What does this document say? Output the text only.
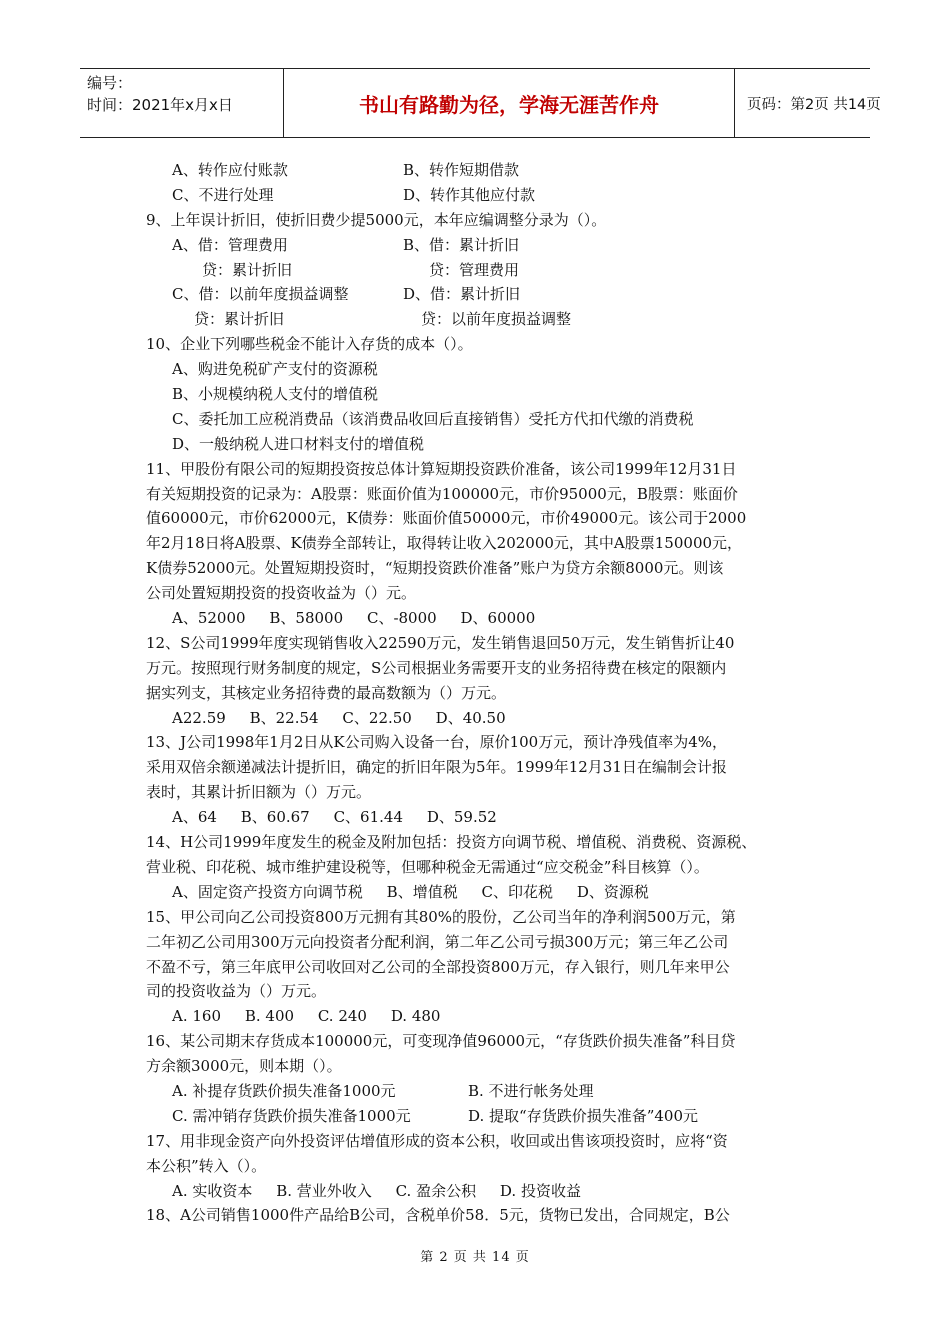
编号：
时间：2021年x月x日	书山有路勤为径，学海无涯苦作舟	页码：第2页 共14页
A、转作应付账款	B、转作短期借款
C、不进行处理	D、转作其他应付款
9、上年误计折旧，使折旧费少提5000元，本年应编调整分录为（）。
A、借：管理费用	B、借：累计折旧
贷：累计折旧	贷：管理费用
C、借：以前年度损益调整	D、借：累计折旧
贷：累计折旧	贷：以前年度损益调整
10、企业下列哪些税金不能计入存货的成本（）。
A、购进免税矿产支付的资源税
B、小规模纳税人支付的增值税
C、委托加工应税消费品（该消费品收回后直接销售）受托方代扣代缴的消费税
D、一般纳税人进口材料支付的增值税
11、甲股份有限公司的短期投资按总体计算短期投资跌价准备，该公司1999年12月31日
有关短期投资的记录为：A股票：账面价值为100000元，市价95000元，B股票：账面价
值60000元，市价62000元，K债券：账面价值50000元，市价49000元。该公司于2000
年2月18日将A股票、K债券全部转让，取得转让收入202000元，其中A股票150000元，
K债券52000元。处置短期投资时，“短期投资跌价准备”账户为贷方余额8000元。则该
公司处置短期投资的投资收益为（）元。
A、52000     B、58000     C、-8000     D、60000
12、S公司1999年度实现销售收入22590万元，发生销售退回50万元，发生销售折让40
万元。按照现行财务制度的规定，S公司根据业务需要开支的业务招待费在核定的限额内
据实列支，其核定业务招待费的最高数额为（）万元。
A22.59     B、22.54     C、22.50     D、40.50
13、J公司1998年1月2日从K公司购入设备一台，原价100万元，预计净残值率为4%，
采用双倍余额递减法计提折旧，确定的折旧年限为5年。1999年12月31日在编制会计报
表时，其累计折旧额为（）万元。
A、64     B、60.67     C、61.44     D、59.52
14、H公司1999年度发生的税金及附加包括：投资方向调节税、增值税、消费税、资源税、
营业税、印花税、城市维护建设税等，但哪种税金无需通过“应交税金”科目核算（）。
A、固定资产投资方向调节税     B、增值税     C、印花税     D、资源税
15、甲公司向乙公司投资800万元拥有其80%的股份，乙公司当年的净利润500万元，第
二年初乙公司用300万元向投资者分配利润，第二年乙公司亏损300万元；第三年乙公司
不盈不亏，第三年底甲公司收回对乙公司的全部投资800万元，存入银行，则几年来甲公
司的投资收益为（）万元。
A. 160     B. 400     C. 240     D. 480
16、某公司期末存货成本100000元，可变现净值96000元，“存货跌价损失准备”科目贷
方余额3000元，则本期（）。
A. 补提存货跌价损失准备1000元	B. 不进行帐务处理
C. 需冲销存货跌价损失准备1000元	D. 提取“存货跌价损失准备”400元
17、用非现金资产向外投资评估增值形成的资本公积，收回或出售该项投资时，应将“资
本公积”转入（）。
A. 实收资本     B. 营业外收入     C. 盈余公积     D. 投资收益
18、A公司销售1000件产品给B公司，含税单价58．5元，货物已发出，合同规定，B公
第 2 页 共 14 页
